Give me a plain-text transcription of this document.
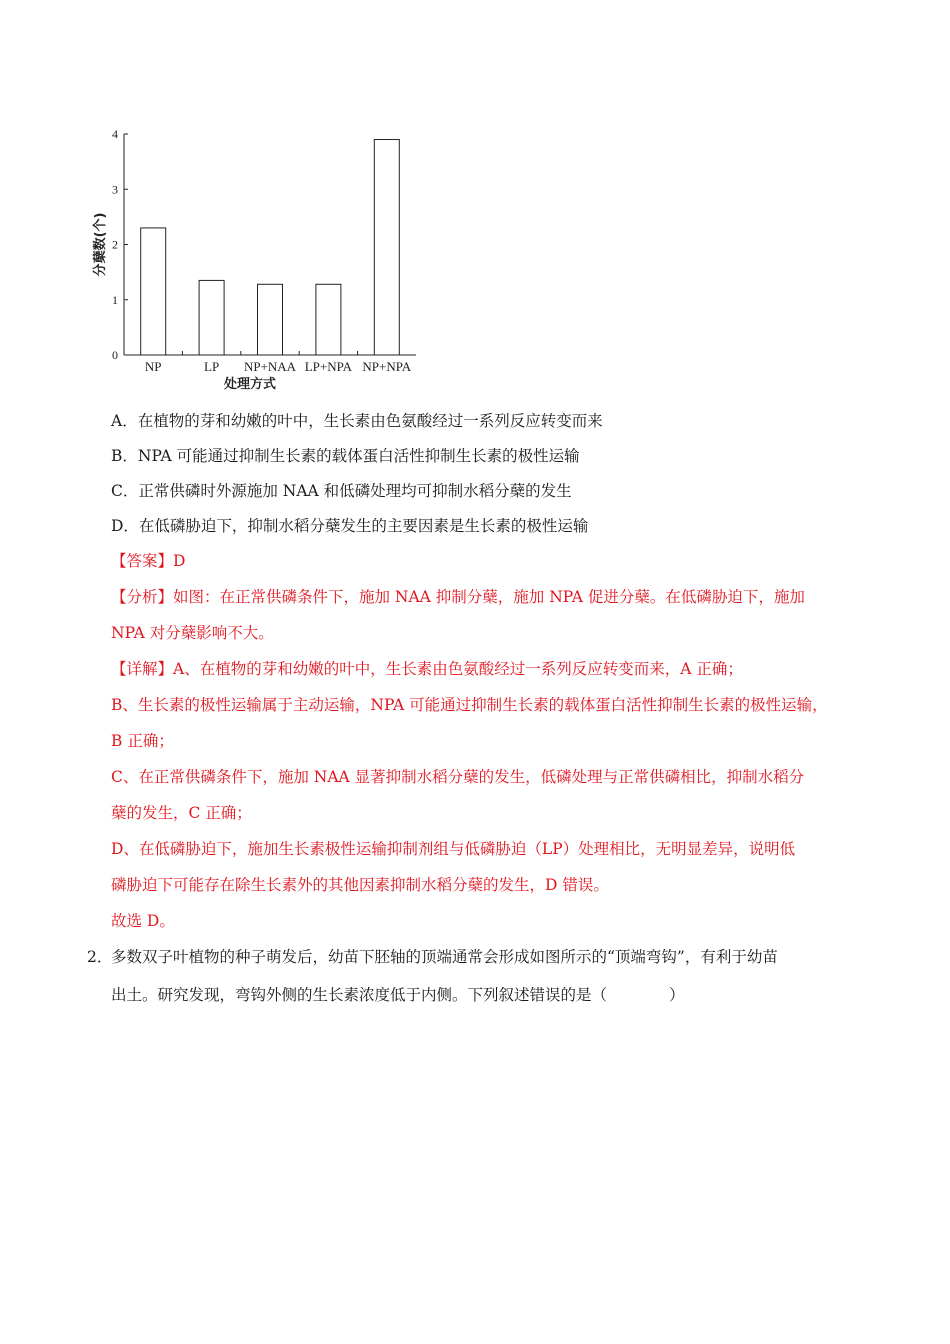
0
1
2
3
4
NP	LP NP+NAA LP+NPA NP+NPA
处理方式
分蘖数(个)
A．在植物的芽和幼嫩的叶中，生长素由色氨酸经过一系列反应转变而来
B．NPA 可能通过抑制生长素的载体蛋白活性抑制生长素的极性运输
C．正常供磷时外源施加 NAA 和低磷处理均可抑制水稻分蘖的发生
D．在低磷胁迫下，抑制水稻分蘖发生的主要因素是生长素的极性运输
【答案】D
【分析】如图：在正常供磷条件下，施加 NAA 抑制分蘖，施加 NPA 促进分蘖。在低磷胁迫下，施加
NPA 对分蘖影响不大。
【详解】A、在植物的芽和幼嫩的叶中，生长素由色氨酸经过一系列反应转变而来，A 正确；
B、生长素的极性运输属于主动运输，NPA 可能通过抑制生长素的载体蛋白活性抑制生长素的极性运输，
B 正确；
C、在正常供磷条件下，施加 NAA 显著抑制水稻分蘖的发生，低磷处理与正常供磷相比，抑制水稻分
蘖的发生，C 正确；
D、在低磷胁迫下，施加生长素极性运输抑制剂组与低磷胁迫（LP）处理相比，无明显差异，说明低
磷胁迫下可能存在除生长素外的其他因素抑制水稻分蘖的发生，D 错误。
故选 D。
2．
多数双子叶植物的种子萌发后，幼苗下胚轴的顶端通常会形成如图所示的“顶端弯钩”，有利于幼苗
出土。研究发现，弯钩外侧的生长素浓度低于内侧。下列叙述错误的是（　　　　）
